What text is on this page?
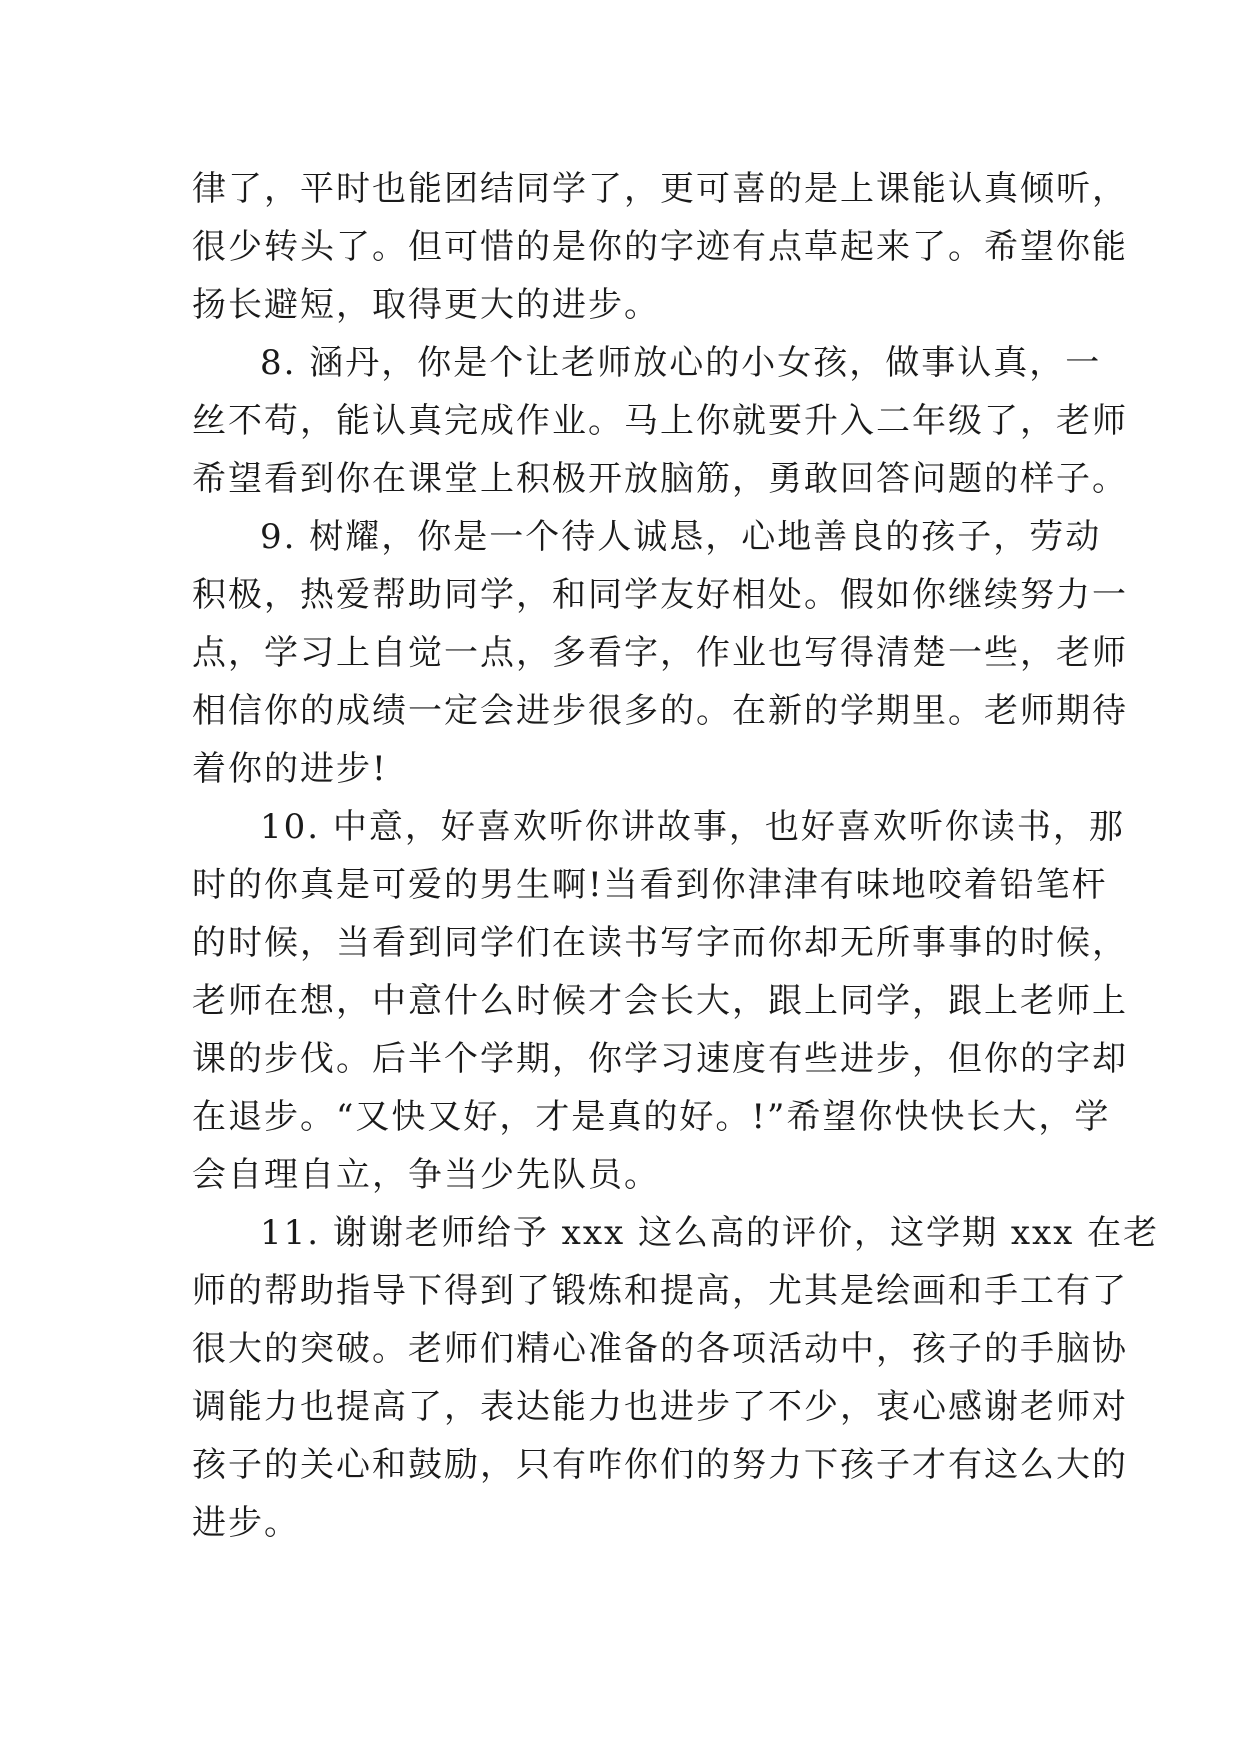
律了，平时也能团结同学了，更可喜的是上课能认真倾听，
很少转头了。但可惜的是你的字迹有点草起来了。希望你能
扬长避短，取得更大的进步。
8. 涵丹，你是个让老师放心的小女孩，做事认真，一
丝不苟，能认真完成作业。马上你就要升入二年级了，老师
希望看到你在课堂上积极开放脑筋，勇敢回答问题的样子。
9. 树耀，你是一个待人诚恳，心地善良的孩子，劳动
积极，热爱帮助同学，和同学友好相处。假如你继续努力一
点，学习上自觉一点，多看字，作业也写得清楚一些，老师
相信你的成绩一定会进步很多的。在新的学期里。老师期待
着你的进步!
10. 中意，好喜欢听你讲故事，也好喜欢听你读书，那
时的你真是可爱的男生啊!当看到你津津有味地咬着铅笔杆
的时候，当看到同学们在读书写字而你却无所事事的时候，
老师在想，中意什么时候才会长大，跟上同学，跟上老师上
课的步伐。后半个学期，你学习速度有些进步，但你的字却
在退步。“又快又好，才是真的好。!”希望你快快长大，学
会自理自立，争当少先队员。
11. 谢谢老师给予 xxx 这么高的评价，这学期 xxx 在老
师的帮助指导下得到了锻炼和提高，尤其是绘画和手工有了
很大的突破。老师们精心准备的各项活动中，孩子的手脑协
调能力也提高了，表达能力也进步了不少，衷心感谢老师对
孩子的关心和鼓励，只有咋你们的努力下孩子才有这么大的
进步。
